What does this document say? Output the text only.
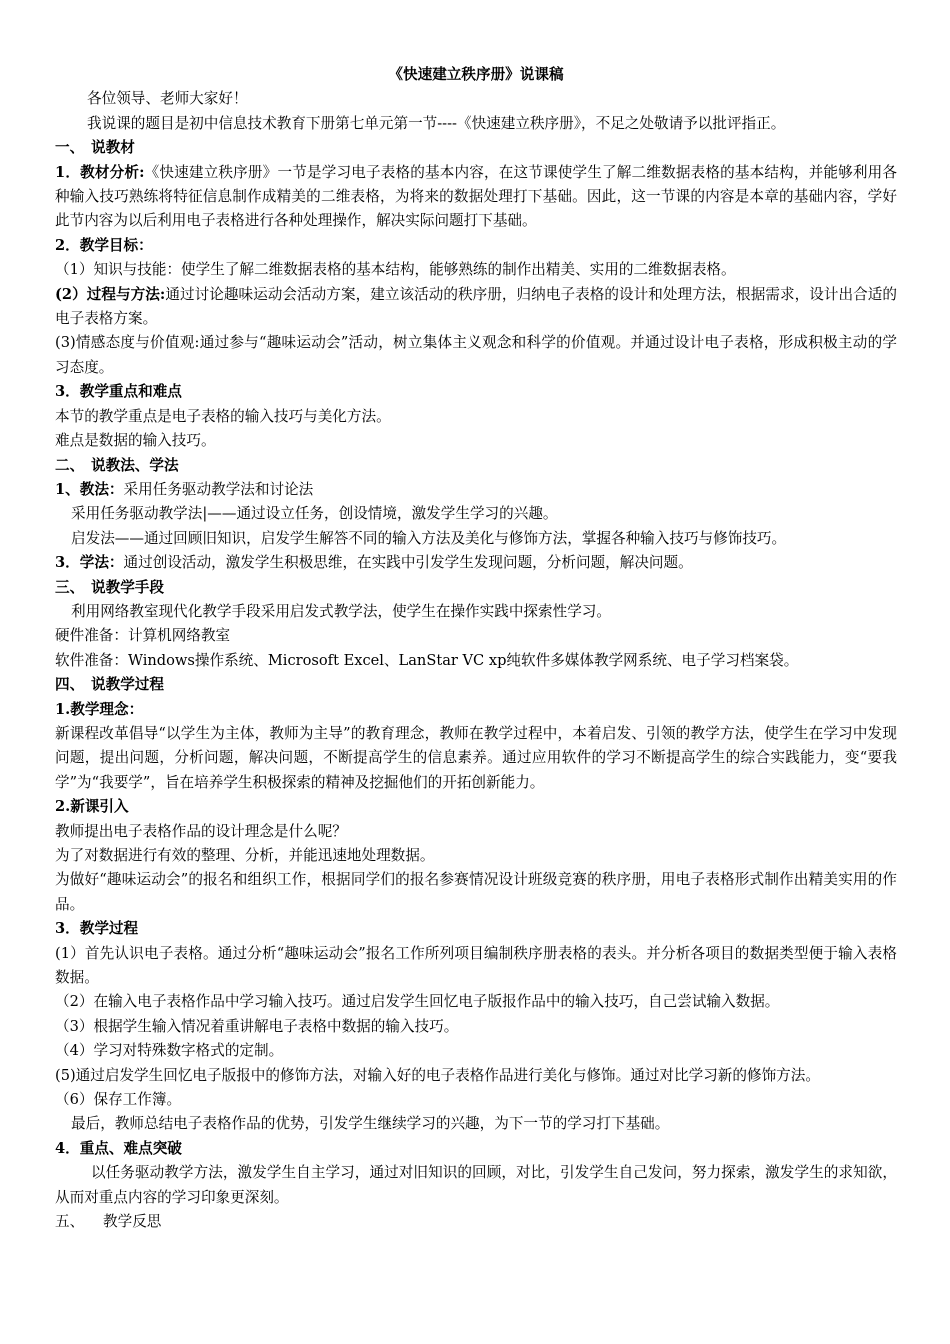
《快速建立秩序册》说课稿

各位领导、老师大家好！

我说课的题目是初中信息技术教育下册第七单元第一节----《快速建立秩序册》，不足之处敬请予以批评指正。

一、 说教材

1．教材分析:《快速建立秩序册》一节是学习电子表格的基本内容，在这节课使学生了解二维数据表格的基本结构，并能够利用各种输入技巧熟练将特征信息制作成精美的二维表格，为将来的数据处理打下基础。因此，这一节课的内容是本章的基础内容，学好此节内容为以后利用电子表格进行各种处理操作，解决实际问题打下基础。

2．教学目标：

（1）知识与技能：使学生了解二维数据表格的基本结构，能够熟练的制作出精美、实用的二维数据表格。

(2）过程与方法:通过讨论趣味运动会活动方案，建立该活动的秩序册，归纳电子表格的设计和处理方法，根据需求，设计出合适的电子表格方案。

(3)情感态度与价值观:通过参与“趣味运动会”活动，树立集体主义观念和科学的价值观。并通过设计电子表格，形成积极主动的学习态度。

3．教学重点和难点

本节的教学重点是电子表格的输入技巧与美化方法。

难点是数据的输入技巧。

二、 说教法、学法

1、教法：采用任务驱动教学法和讨论法

采用任务驱动教学法|——通过设立任务，创设情境，激发学生学习的兴趣。

启发法——通过回顾旧知识，启发学生解答不同的输入方法及美化与修饰方法，掌握各种输入技巧与修饰技巧。

3．学法：通过创设活动，激发学生积极思维，在实践中引发学生发现问题，分析问题，解决问题。

三、 说教学手段

利用网络教室现代化教学手段采用启发式教学法，使学生在操作实践中探索性学习。

硬件准备：计算机网络教室

软件准备：Windows操作系统、Microsoft Excel、LanStar VC xp纯软件多媒体教学网系统、电子学习档案袋。

四、 说教学过程
1.教学理念：

新课程改革倡导“以学生为主体，教师为主导”的教育理念，教师在教学过程中，本着启发、引领的教学方法，使学生在学习中发现问题，提出问题，分析问题，解决问题，不断提高学生的信息素养。通过应用软件的学习不断提高学生的综合实践能力，变“要我学”为“我要学”，旨在培养学生积极探索的精神及挖掘他们的开拓创新能力。

2.新课引入

教师提出电子表格作品的设计理念是什么呢？

为了对数据进行有效的整理、分析，并能迅速地处理数据。

为做好“趣味运动会”的报名和组织工作，根据同学们的报名参赛情况设计班级竞赛的秩序册，用电子表格形式制作出精美实用的作品。

3．教学过程

(1）首先认识电子表格。通过分析“趣味运动会”报名工作所列项目编制秩序册表格的表头。并分析各项目的数据类型便于输入表格数据。

（2）在输入电子表格作品中学习输入技巧。通过启发学生回忆电子版报作品中的输入技巧，自己尝试输入数据。

（3）根据学生输入情况着重讲解电子表格中数据的输入技巧。

（4）学习对特殊数字格式的定制。

(5)通过启发学生回忆电子版报中的修饰方法，对输入好的电子表格作品进行美化与修饰。通过对比学习新的修饰方法。

（6）保存工作簿。

最后，教师总结电子表格作品的优势，引发学生继续学习的兴趣，为下一节的学习打下基础。

4．重点、难点突破

以任务驱动教学方法，激发学生自主学习，通过对旧知识的回顾，对比，引发学生自己发问，努力探索，激发学生的求知欲，从而对重点内容的学习印象更深刻。

五、 教学反思
